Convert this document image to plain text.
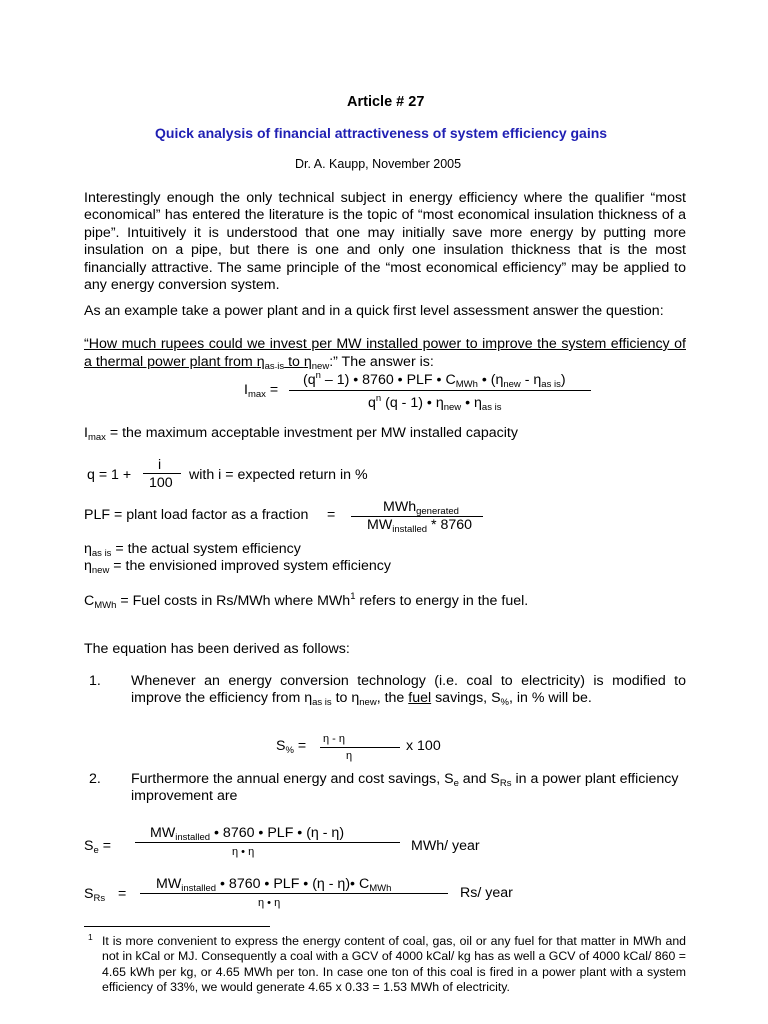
Article # 27
Quick analysis of financial attractiveness of system efficiency gains
Dr. A. Kaupp, November 2005
Interestingly enough the only technical subject in energy efficiency where the qualifier “most
economical” has entered the literature is the topic of “most economical insulation thickness of a
pipe”. Intuitively it is understood that one may initially save more energy by putting more
insulation on a pipe, but there is one and only one insulation thickness that is the most
financially attractive. The same principle of the “most economical efficiency” may be applied to
any energy conversion system.
As an example take a power plant and in a quick first level assessment answer the question:
“How much rupees could we invest per MW installed power to improve the system efficiency of
a thermal power plant from $\eta_{as is}$ to $\eta_{new}$:” The answer is:
$I_{max}$ =
$(q^n - 1)$ • 8760 • PLF • $C_{MWh}$ • $(\eta_{new} - \eta_{as is})$
$q^n$ (q - 1) • $\eta_{new}$ • $\eta_{as is}$
$I_{max}$ = the maximum acceptable investment per MW installed capacity
q = 1 +
i
100 with i = expected return in %
PLF = plant load factor as a fraction =	MWh$_{generated}$
$MW_{installed} * 8760$
$\eta_{as is}$ = the actual system efficiency
$\eta_{new}$ = the envisioned improved system efficiency
$C_{MWh}$ = Fuel costs in Rs/MWh where MWh$^1$ refers to energy in the fuel.
The equation has been derived as follows:
1. Whenever an energy conversion technology (i.e. coal to electricity) is modified to
improve the efficiency from $\eta_{as is}$ to $\eta_{new}$, the fuel savings, $S_{\%}$, in % will be.
$S_{\%} = \eta - \eta$
η
x 100
2. Furthermore the annual energy and cost savings, $S_e$ and $S_{Rs}$ in a power plant efficiency
improvement are
$S_e$ =
$MW_{installed}$ • 8760 • PLF • (η - η)
η • η	MWh/ year
$S_{Rs}$ =
$MW_{installed}$ • 8760 • PLF • (η - η)• $C_{MWh}$
η • η
Rs/ year
1 It is more convenient to express the energy content of coal, gas, oil or any fuel for that matter in MWh and not in kCal or MJ. Consequently a coal with a GCV of 4000 kCal/ kg has as well a GCV of 4000 kCal/ 860 = 4.65 kWh per kg, or 4.65 MWh per ton. In case one ton of this coal is fired in a power plant with a system efficiency of 33%, we would generate 4.65 x 0.33 = 1.53 MWh of electricity.
